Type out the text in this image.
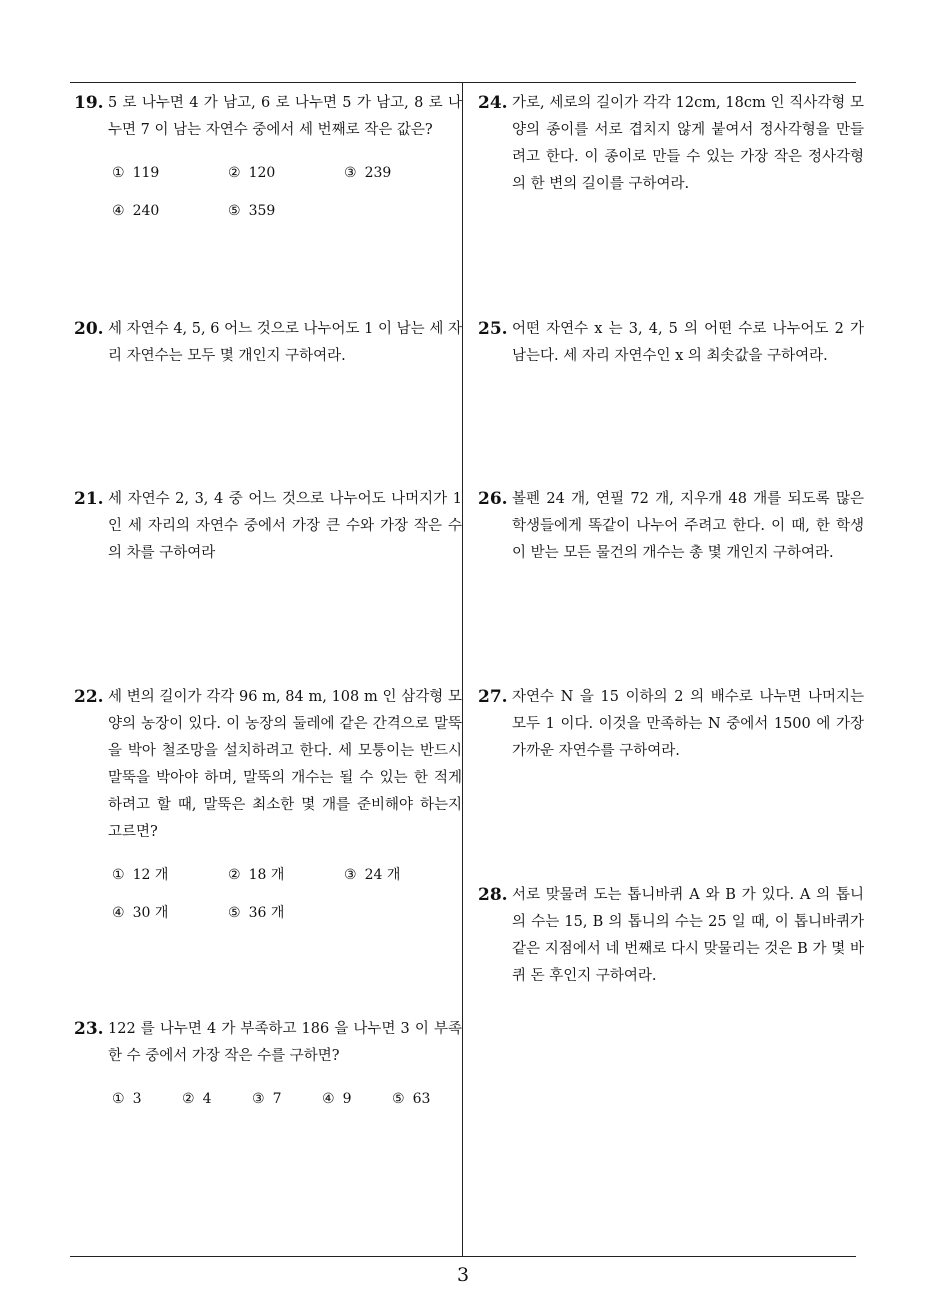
19. 5 로 나누면 4 가 남고, 6 로 나누면 5 가 남고, 8 로 나누면 7 이 남는 자연수 중에서 세 번째로 작은 값은?
① 119	② 120	③ 239
④ 240	⑤ 359
20. 세 자연수 4, 5, 6 어느 것으로 나누어도 1 이 남는 세 자리 자연수는 모두 몇 개인지 구하여라.
21. 세 자연수 2, 3, 4 중 어느 것으로 나누어도 나머지가 1 인 세 자리의 자연수 중에서 가장 큰 수와 가장 작은 수의 차를 구하여라
22. 세 변의 길이가 각각 96 m, 84 m, 108 m 인 삼각형 모양의 농장이 있다. 이 농장의 둘레에 같은 간격으로 말뚝을 박아 철조망을 설치하려고 한다. 세 모퉁이는 반드시 말뚝을 박아야 하며, 말뚝의 개수는 될 수 있는 한 적게 하려고 할 때, 말뚝은 최소한 몇 개를 준비해야 하는지 고르면?
① 12 개	② 18 개	③ 24 개
④ 30 개	⑤ 36 개
23. 122 를 나누면 4 가 부족하고 186 을 나누면 3 이 부족한 수 중에서 가장 작은 수를 구하면?
① 3	② 4	③ 7	④ 9	⑤ 63
24. 가로, 세로의 길이가 각각 12cm, 18cm 인 직사각형 모양의 종이를 서로 겹치지 않게 붙여서 정사각형을 만들려고 한다. 이 종이로 만들 수 있는 가장 작은 정사각형의 한 변의 길이를 구하여라.
25. 어떤 자연수 x 는 3, 4, 5 의 어떤 수로 나누어도 2 가 남는다. 세 자리 자연수인 x 의 최솟값을 구하여라.
26. 볼펜 24 개, 연필 72 개, 지우개 48 개를 되도록 많은 학생들에게 똑같이 나누어 주려고 한다. 이 때, 한 학생이 받는 모든 물건의 개수는 총 몇 개인지 구하여라.
27. 자연수 N 을 15 이하의 2 의 배수로 나누면 나머지는 모두 1 이다. 이것을 만족하는 N 중에서 1500 에 가장 가까운 자연수를 구하여라.
28. 서로 맞물려 도는 톱니바퀴 A 와 B 가 있다. A 의 톱니의 수는 15, B 의 톱니의 수는 25 일 때, 이 톱니바퀴가 같은 지점에서 네 번째로 다시 맞물리는 것은 B 가 몇 바퀴 돈 후인지 구하여라.
3
